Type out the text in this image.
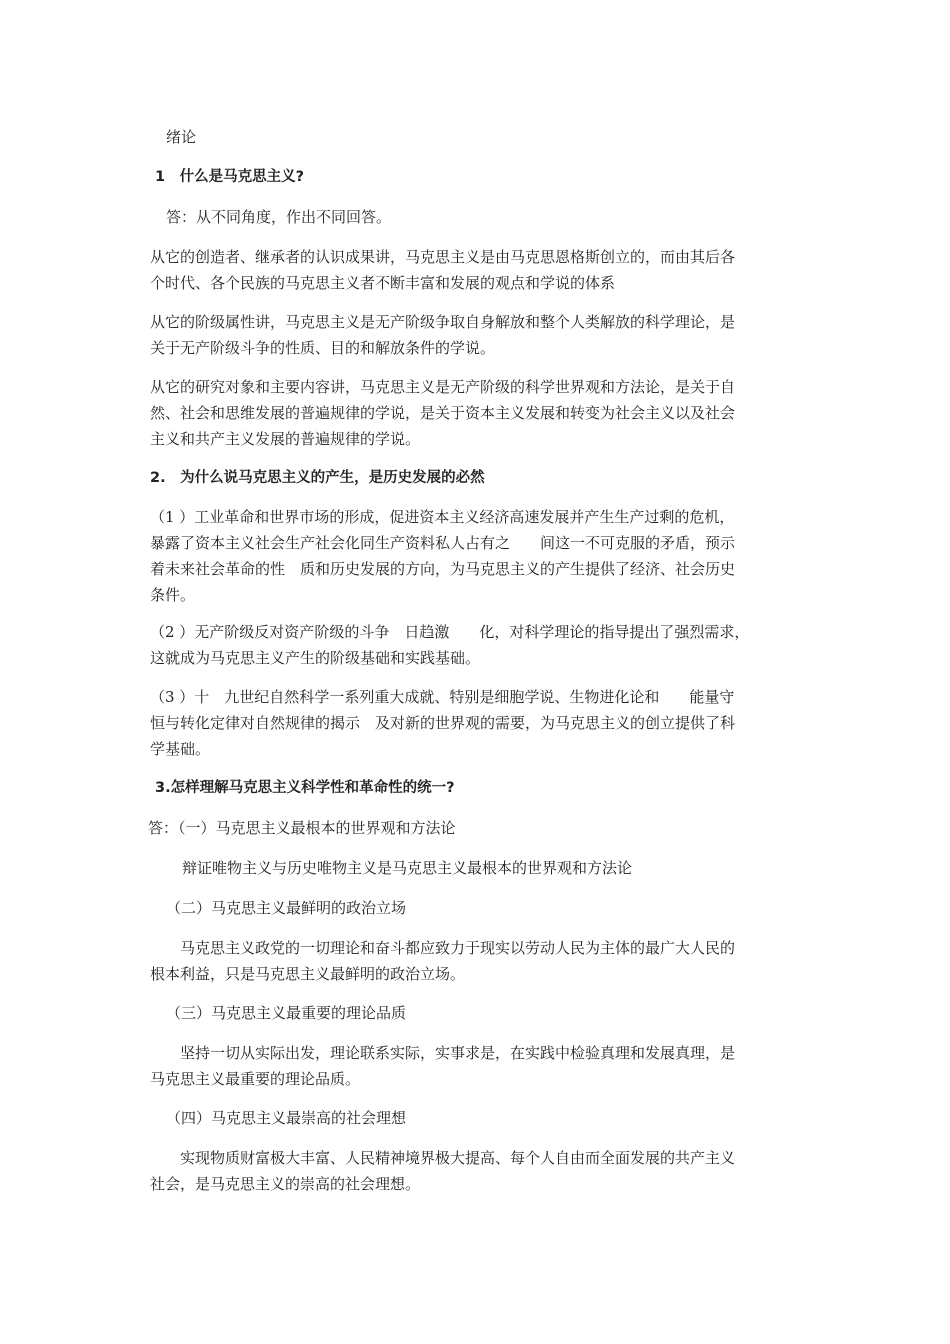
绪论

1　什么是马克思主义?

答：从不同角度，作出不同回答。

从它的创造者、继承者的认识成果讲，马克思主义是由马克思恩格斯创立的，而由其后各
个时代、各个民族的马克思主义者不断丰富和发展的观点和学说的体系

从它的阶级属性讲，马克思主义是无产阶级争取自身解放和整个人类解放的科学理论，是
关于无产阶级斗争的性质、目的和解放条件的学说。

从它的研究对象和主要内容讲，马克思主义是无产阶级的科学世界观和方法论，是关于自
然、社会和思维发展的普遍规律的学说，是关于资本主义发展和转变为社会主义以及社会
主义和共产主义发展的普遍规律的学说。

2.　为什么说马克思主义的产生，是历史发展的必然

（1 ）工业革命和世界市场的形成，促进资本主义经济高速发展并产生生产过剩的危机，
暴露了资本主义社会生产社会化同生产资料私人占有之　　间这一不可克服的矛盾，预示
着未来社会革命的性　质和历史发展的方向，为马克思主义的产生提供了经济、社会历史
条件。

（2 ）无产阶级反对资产阶级的斗争　日趋激　　化，对科学理论的指导提出了强烈需求，
这就成为马克思主义产生的阶级基础和实践基础。

（3 ）十　九世纪自然科学一系列重大成就、特别是细胞学说、生物进化论和　　能量守
恒与转化定律对自然规律的揭示　及对新的世界观的需要，为马克思主义的创立提供了科
学基础。

3.怎样理解马克思主义科学性和革命性的统一?

答：（一）马克思主义最根本的世界观和方法论

辩证唯物主义与历史唯物主义是马克思主义最根本的世界观和方法论

（二）马克思主义最鲜明的政治立场

　　马克思主义政党的一切理论和奋斗都应致力于现实以劳动人民为主体的最广大人民的
根本利益，只是马克思主义最鲜明的政治立场。

（三）马克思主义最重要的理论品质

　　坚持一切从实际出发，理论联系实际，实事求是，在实践中检验真理和发展真理，是
马克思主义最重要的理论品质。

（四）马克思主义最崇高的社会理想

　　实现物质财富极大丰富、人民精神境界极大提高、每个人自由而全面发展的共产主义
社会，是马克思主义的崇高的社会理想。
